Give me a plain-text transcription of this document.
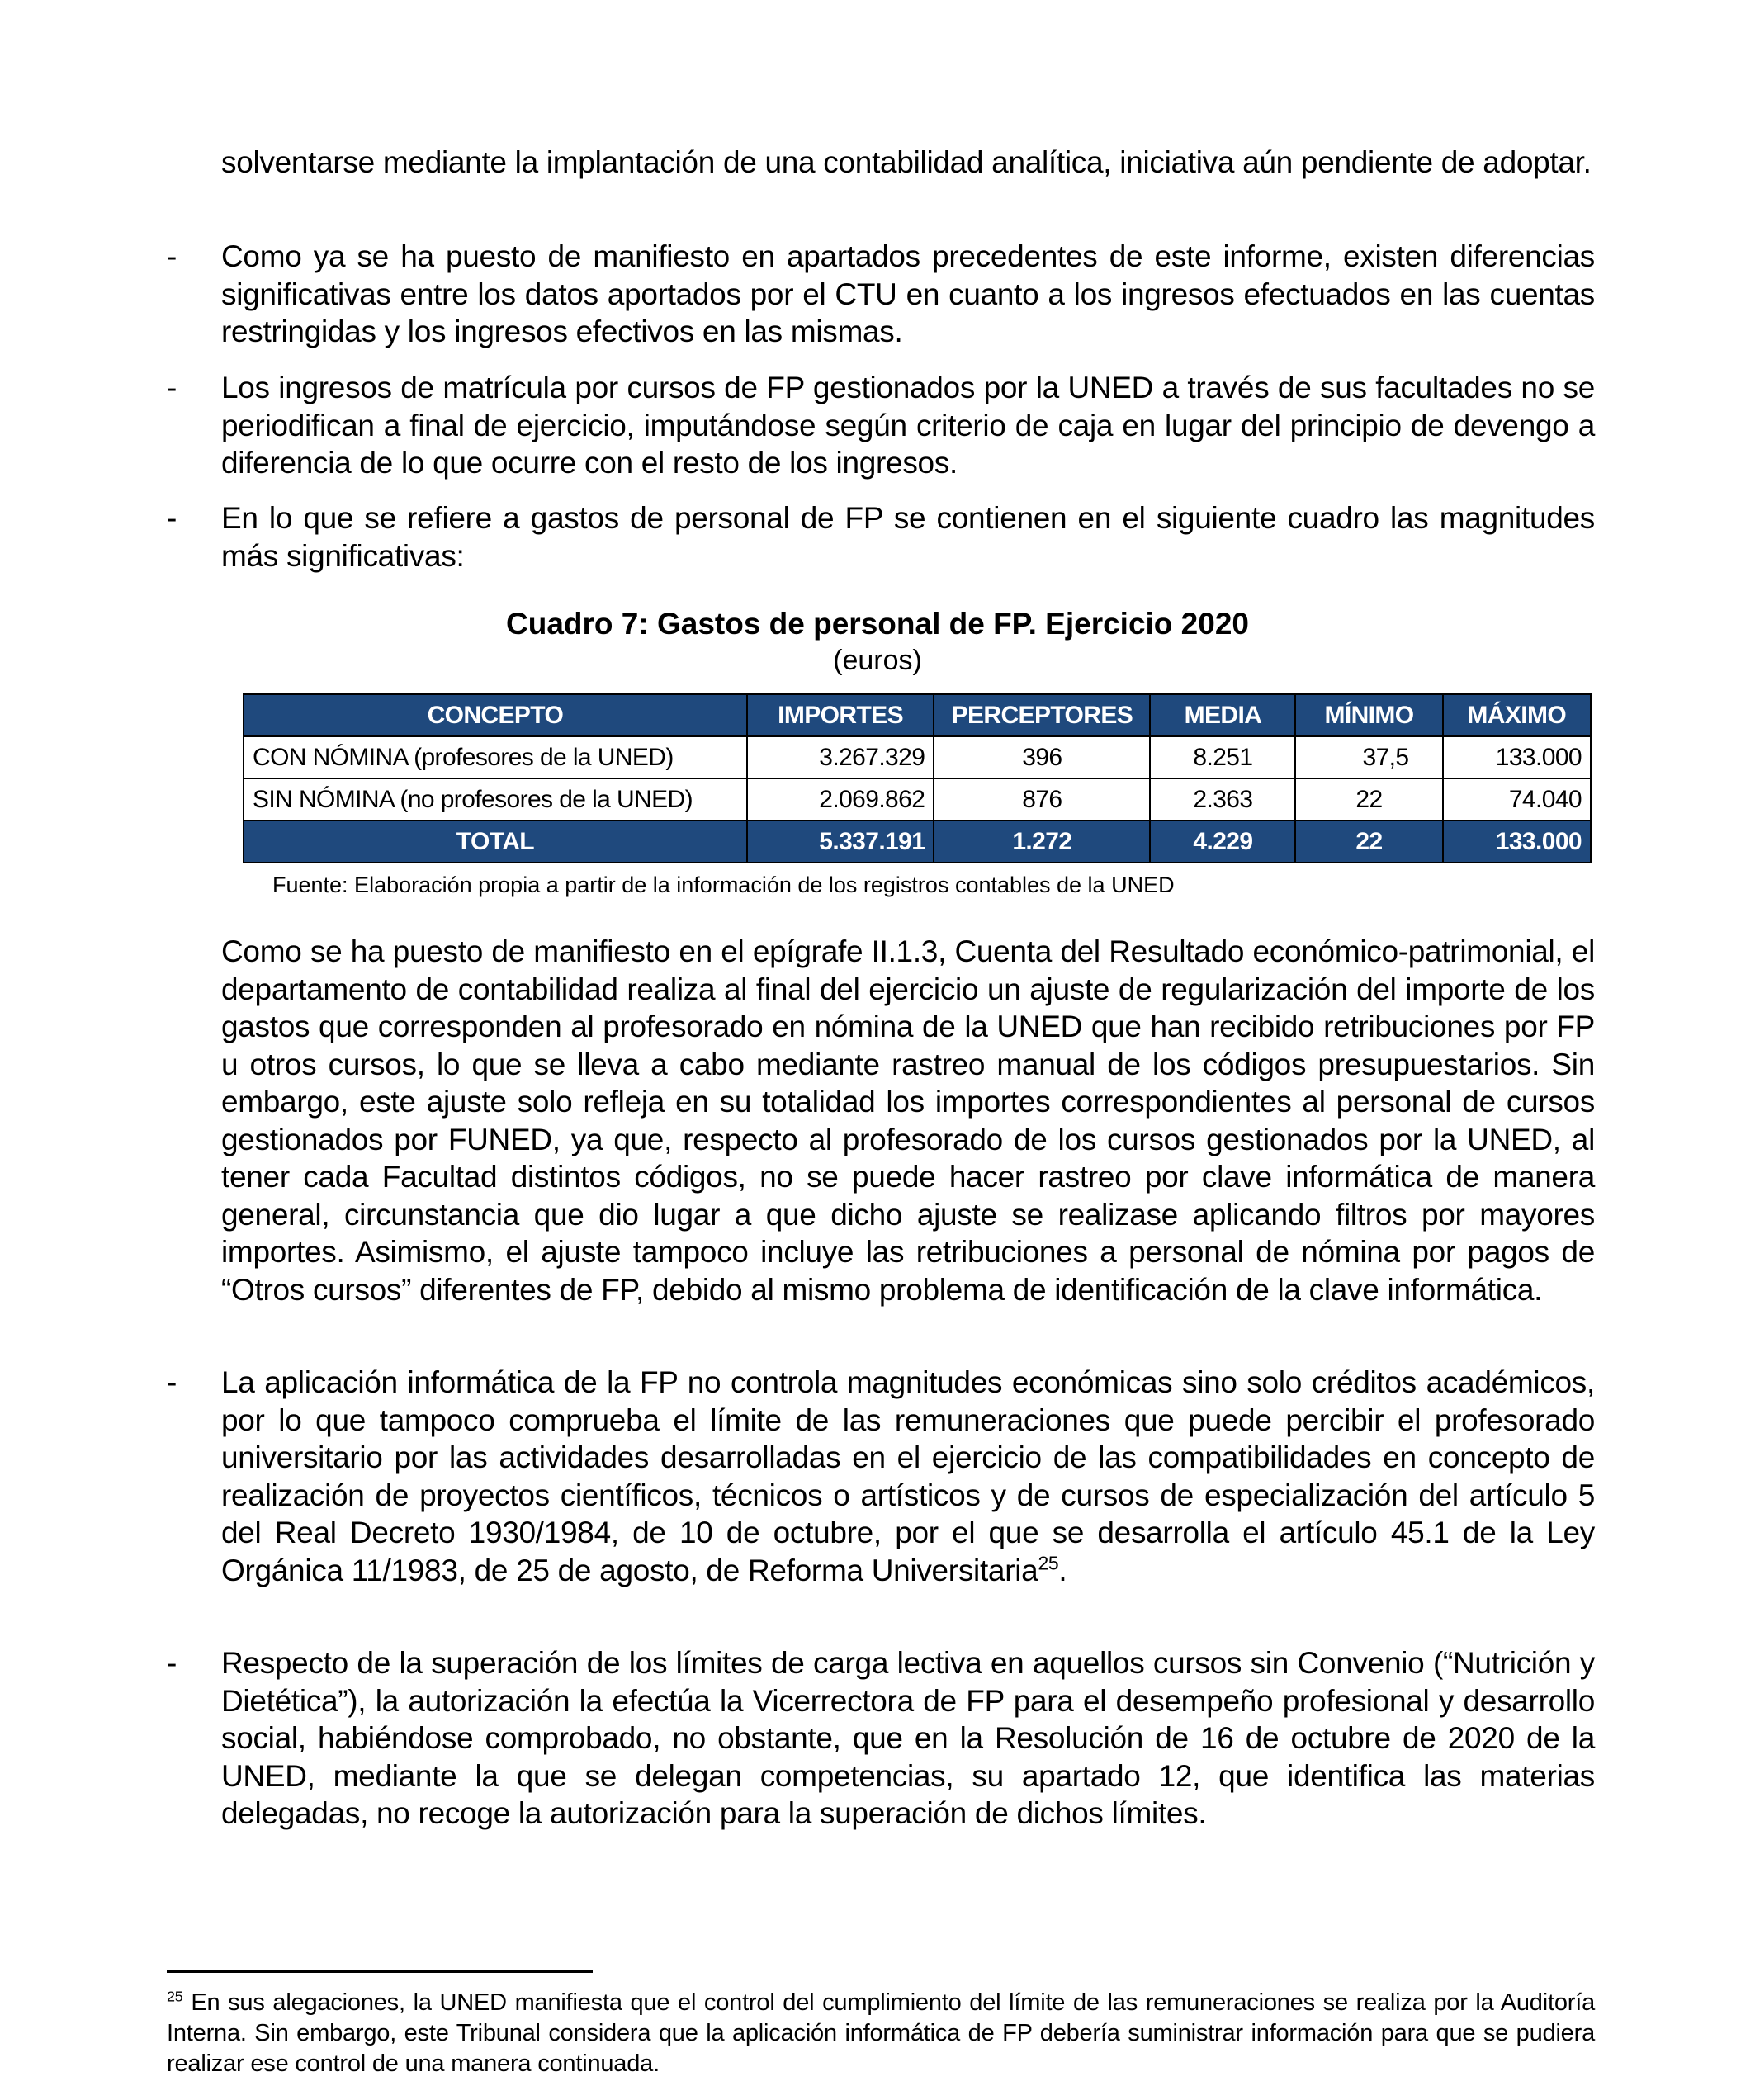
solventarse mediante la implantación de una contabilidad analítica, iniciativa aún pendiente de adoptar.
- Como ya se ha puesto de manifiesto en apartados precedentes de este informe, existen diferencias significativas entre los datos aportados por el CTU en cuanto a los ingresos efectuados en las cuentas restringidas y los ingresos efectivos en las mismas.
- Los ingresos de matrícula por cursos de FP gestionados por la UNED a través de sus facultades no se periodifican a final de ejercicio, imputándose según criterio de caja en lugar del principio de devengo a diferencia de lo que ocurre con el resto de los ingresos.
- En lo que se refiere a gastos de personal de FP se contienen en el siguiente cuadro las magnitudes más significativas:
Cuadro 7: Gastos de personal de FP. Ejercicio 2020
(euros)
CONCEPTO	IMPORTES	PERCEPTORES	MEDIA	MÍNIMO	MÁXIMO
CON NÓMINA (profesores de la UNED)	3.267.329	396	8.251	37,5	133.000
SIN NÓMINA (no profesores de la UNED)	2.069.862	876	2.363	22	74.040
TOTAL	5.337.191	1.272	4.229	22	133.000
Fuente: Elaboración propia a partir de la información de los registros contables de la UNED
Como se ha puesto de manifiesto en el epígrafe II.1.3, Cuenta del Resultado económico-patrimonial, el departamento de contabilidad realiza al final del ejercicio un ajuste de regularización del importe de los gastos que corresponden al profesorado en nómina de la UNED que han recibido retribuciones por FP u otros cursos, lo que se lleva a cabo mediante rastreo manual de los códigos presupuestarios. Sin embargo, este ajuste solo refleja en su totalidad los importes correspondientes al personal de cursos gestionados por FUNED, ya que, respecto al profesorado de los cursos gestionados por la UNED, al tener cada Facultad distintos códigos, no se puede hacer rastreo por clave informática de manera general, circunstancia que dio lugar a que dicho ajuste se realizase aplicando filtros por mayores importes. Asimismo, el ajuste tampoco incluye las retribuciones a personal de nómina por pagos de “Otros cursos” diferentes de FP, debido al mismo problema de identificación de la clave informática.
- La aplicación informática de la FP no controla magnitudes económicas sino solo créditos académicos, por lo que tampoco comprueba el límite de las remuneraciones que puede percibir el profesorado universitario por las actividades desarrolladas en el ejercicio de las compatibilidades en concepto de realización de proyectos científicos, técnicos o artísticos y de cursos de especialización del artículo 5 del Real Decreto 1930/1984, de 10 de octubre, por el que se desarrolla el artículo 45.1 de la Ley Orgánica 11/1983, de 25 de agosto, de Reforma Universitaria$^{25}$.
- Respecto de la superación de los límites de carga lectiva en aquellos cursos sin Convenio (“Nutrición y Dietética”), la autorización la efectúa la Vicerrectora de FP para el desempeño profesional y desarrollo social, habiéndose comprobado, no obstante, que en la Resolución de 16 de octubre de 2020 de la UNED, mediante la que se delegan competencias, su apartado 12, que identifica las materias delegadas, no recoge la autorización para la superación de dichos límites.
$^{25}$ En sus alegaciones, la UNED manifiesta que el control del cumplimiento del límite de las remuneraciones se realiza por la Auditoría Interna. Sin embargo, este Tribunal considera que la aplicación informática de FP debería suministrar información para que se pudiera realizar ese control de una manera continuada.
